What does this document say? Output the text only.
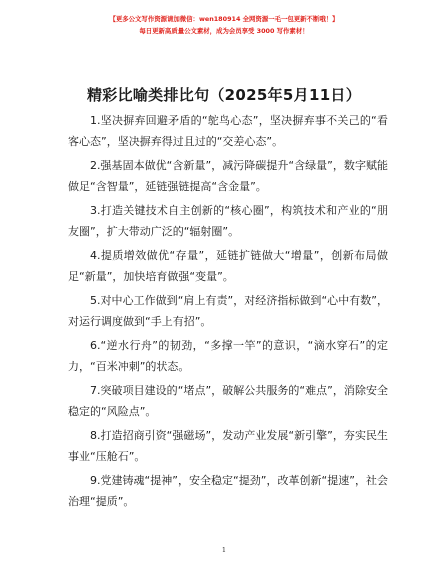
【更多公文写作资源请加微信：wen180914 全网资源一毛一包更新不断哦！】
每日更新高质量公文素材，成为会员享受 3000 写作素材！
精彩比喻类排比句（2025年5月11日）
1.坚决摒弃回避矛盾的“鸵鸟心态”，坚决摒弃事不关己的“看客心态”，坚决摒弃得过且过的“交差心态”。
2.强基固本做优“含新量”，减污降碳提升“含绿量”，数字赋能做足“含智量”，延链强链提高“含金量”。
3.打造关键技术自主创新的“核心圈”，构筑技术和产业的“朋友圈”，扩大带动广泛的“辐射圈”。
4.提质增效做优“存量”，延链扩链做大“增量”，创新布局做足“新量”，加快培育做强“变量”。
5.对中心工作做到“肩上有责”，对经济指标做到“心中有数”，对运行调度做到“手上有招”。
6.“逆水行舟”的韧劲，“多撑一竿”的意识，“滴水穿石”的定力，“百米冲刺”的状态。
7.突破项目建设的“堵点”，破解公共服务的“难点”，消除安全稳定的“风险点”。
8.打造招商引资“强磁场”，发动产业发展“新引擎”，夯实民生事业“压舱石”。
9.党建铸魂“提神”，安全稳定“提劲”，改革创新“提速”，社会治理“提质”。
1
